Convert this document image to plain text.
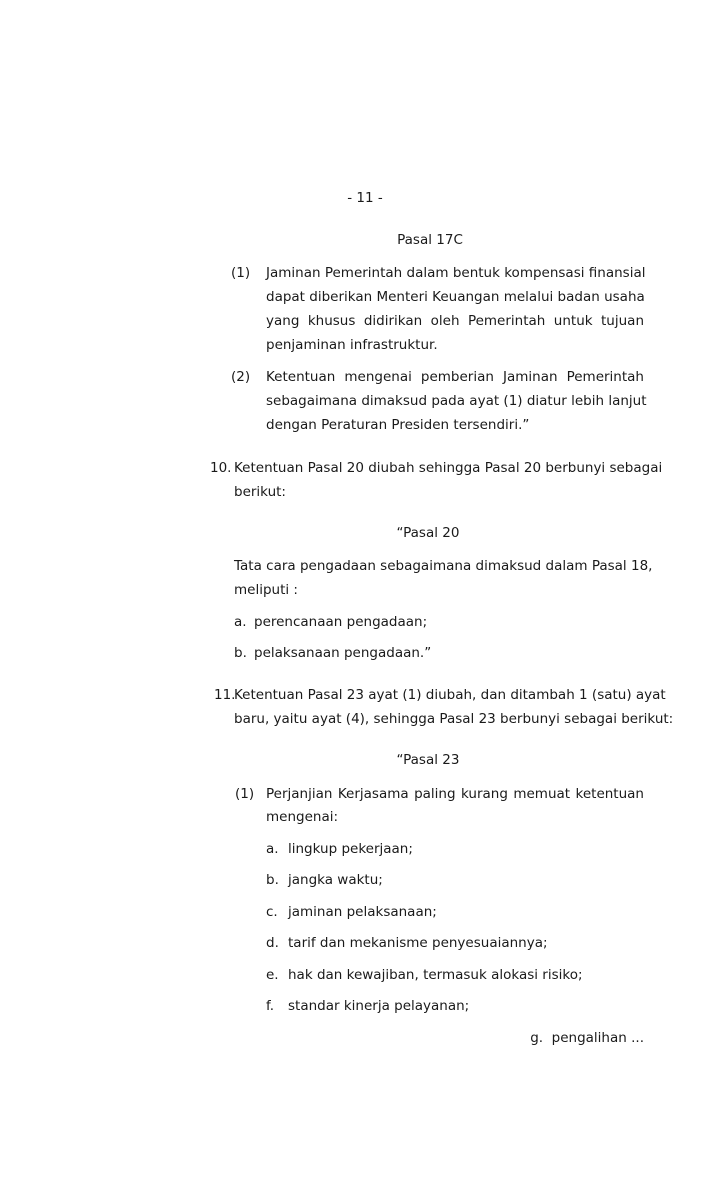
- 11 -
Pasal 17C
(1) Jaminan Pemerintah dalam bentuk kompensasi finansial
dapat diberikan Menteri Keuangan melalui badan usaha
yang khusus didirikan oleh Pemerintah untuk tujuan
penjaminan infrastruktur.
(2) Ketentuan mengenai pemberian Jaminan Pemerintah
sebagaimana dimaksud pada ayat (1) diatur lebih lanjut
dengan Peraturan Presiden tersendiri.”
10. Ketentuan Pasal 20 diubah sehingga Pasal 20 berbunyi sebagai
berikut:
“Pasal 20
Tata cara pengadaan sebagaimana dimaksud dalam Pasal 18,
meliputi :
a. perencanaan pengadaan;
b. pelaksanaan pengadaan.”
11.
Ketentuan Pasal 23 ayat (1) diubah, dan ditambah 1 (satu) ayat
baru, yaitu ayat (4), sehingga Pasal 23 berbunyi sebagai berikut:
“Pasal 23
(1) Perjanjian Kerjasama paling kurang memuat ketentuan
mengenai:
a. lingkup pekerjaan;
b. jangka waktu;
c. jaminan pelaksanaan;
d. tarif dan mekanisme penyesuaiannya;
e. hak dan kewajiban, termasuk alokasi risiko;
f. standar kinerja pelayanan;
g.  pengalihan ...
